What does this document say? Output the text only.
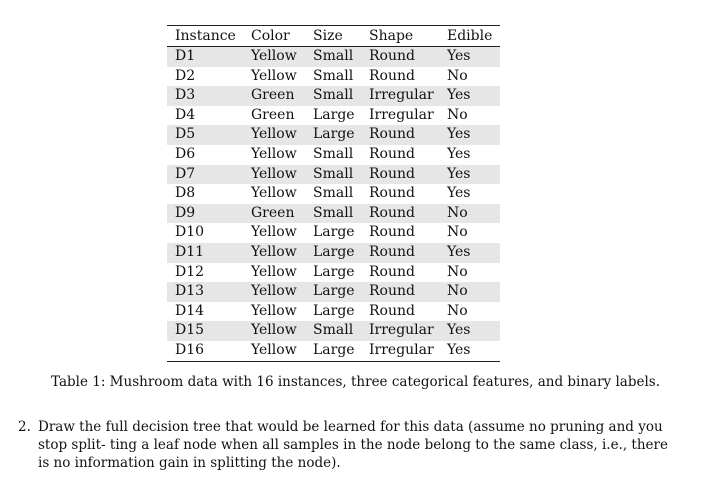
Instance	Color	Size	Shape	Edible
D1	Yellow	Small	Round	Yes
D2	Yellow	Small	Round	No
D3	Green	Small	Irregular	Yes
D4	Green	Large	Irregular	No
D5	Yellow	Large	Round	Yes
D6	Yellow	Small	Round	Yes
D7	Yellow	Small	Round	Yes
D8	Yellow	Small	Round	Yes
D9	Green	Small	Round	No
D10	Yellow	Large	Round	No
D11	Yellow	Large	Round	Yes
D12	Yellow	Large	Round	No
D13	Yellow	Large	Round	No
D14	Yellow	Large	Round	No
D15	Yellow	Small	Irregular	Yes
D16	Yellow	Large	Irregular	Yes
Table 1: Mushroom data with 16 instances, three categorical features, and binary labels.
2. Draw the full decision tree that would be learned for this data (assume no pruning and you stop split- ting a leaf node when all samples in the node belong to the same class, i.e., there is no information gain in splitting the node).
